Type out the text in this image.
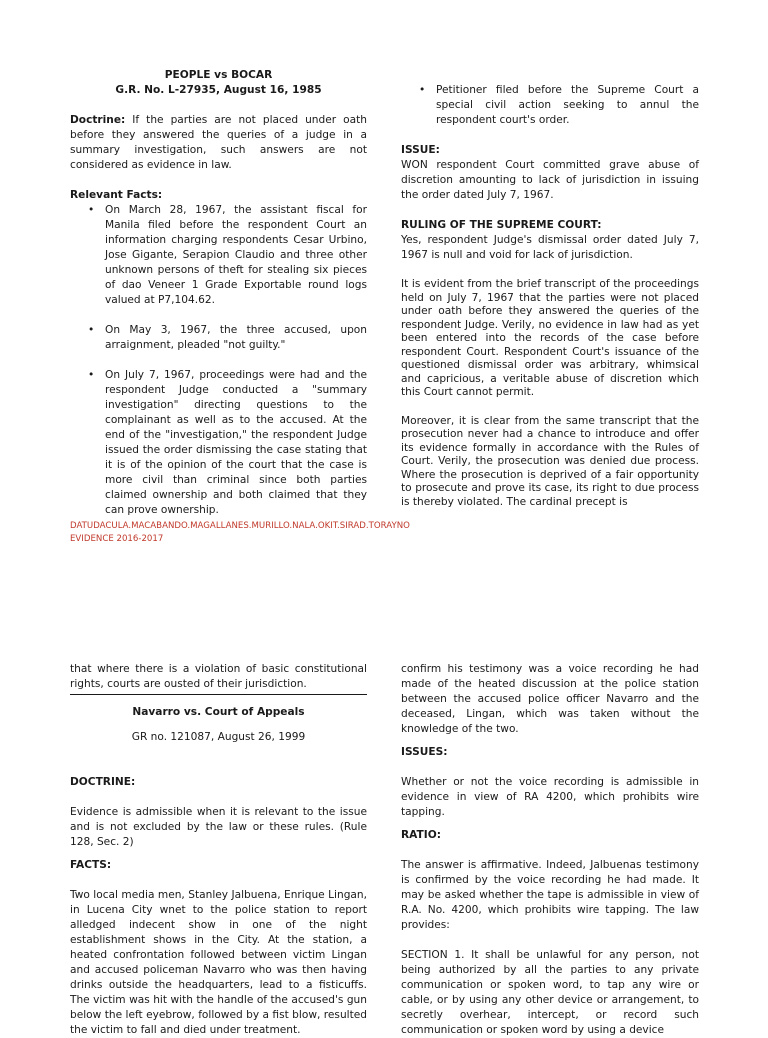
PEOPLE vs BOCAR

G.R. No. L-27935, August 16, 1985

Doctrine: If the parties are not placed under oath before they answered the queries of a judge in a summary investigation, such answers are not considered as evidence in law.

Relevant Facts:

• On March 28, 1967, the assistant fiscal for Manila filed before the respondent Court an information charging respondents Cesar Urbino, Jose Gigante, Serapion Claudio and three other unknown persons of theft for stealing six pieces of dao Veneer 1 Grade Exportable round logs valued at P7,104.62.
• On May 3, 1967, the three accused, upon arraignment, pleaded "not guilty."
• On July 7, 1967, proceedings were had and the respondent Judge conducted a "summary investigation" directing questions to the complainant as well as to the accused. At the end of the "investigation," the respondent Judge issued the order dismissing the case stating that it is of the opinion of the court that the case is more civil than criminal since both parties claimed ownership and both claimed that they can prove ownership.
• Petitioner filed before the Supreme Court a special civil action seeking to annul the respondent court's order.

ISSUE:

WON respondent Court committed grave abuse of discretion amounting to lack of jurisdiction in issuing the order dated July 7, 1967.

RULING OF THE SUPREME COURT:

Yes, respondent Judge's dismissal order dated July 7, 1967 is null and void for lack of jurisdiction.

It is evident from the brief transcript of the proceedings held on July 7, 1967 that the parties were not placed under oath before they answered the queries of the respondent Judge. Verily, no evidence in law had as yet been entered into the records of the case before respondent Court. Respondent Court's issuance of the questioned dismissal order was arbitrary, whimsical and capricious, a veritable abuse of discretion which this Court cannot permit.

Moreover, it is clear from the same transcript that the prosecution never had a chance to introduce and offer its evidence formally in accordance with the Rules of Court. Verily, the prosecution was denied due process. Where the prosecution is deprived of a fair opportunity to prosecute and prove its case, its right to due process is thereby violated. The cardinal precept is

DATUDACULA.MACABANDO.MAGALLANES.MURILLO.NALA.OKIT.SIRAD.TORAYNO
EVIDENCE 2016-2017

that where there is a violation of basic constitutional rights, courts are ousted of their jurisdiction.

Navarro vs. Court of Appeals

GR no. 121087, August 26, 1999

DOCTRINE:

Evidence is admissible when it is relevant to the issue and is not excluded by the law or these rules. (Rule 128, Sec. 2)

FACTS:

Two local media men, Stanley Jalbuena, Enrique Lingan, in Lucena City wnet to the police station to report alledged indecent show in one of the night establishment shows in the City. At the station, a heated confrontation followed between victim Lingan and accused policeman Navarro who was then having drinks outside the headquarters, lead to a fisticuffs. The victim was hit with the handle of the accused's gun below the left eyebrow, followed by a fist blow, resulted the victim to fall and died under treatment.

confirm his testimony was a voice recording he had made of the heated discussion at the police station between the accused police officer Navarro and the deceased, Lingan, which was taken without the knowledge of the two.

ISSUES:

Whether or not the voice recording is admissible in evidence in view of RA 4200, which prohibits wire tapping.

RATIO:

The answer is affirmative. Indeed, Jalbuenas testimony is confirmed by the voice recording he had made. It may be asked whether the tape is admissible in view of R.A. No. 4200, which prohibits wire tapping. The law provides:

SECTION 1. It shall be unlawful for any person, not being authorized by all the parties to any private communication or spoken word, to tap any wire or cable, or by using any other device or arrangement, to secretly overhear, intercept, or record such communication or spoken word by using a device
